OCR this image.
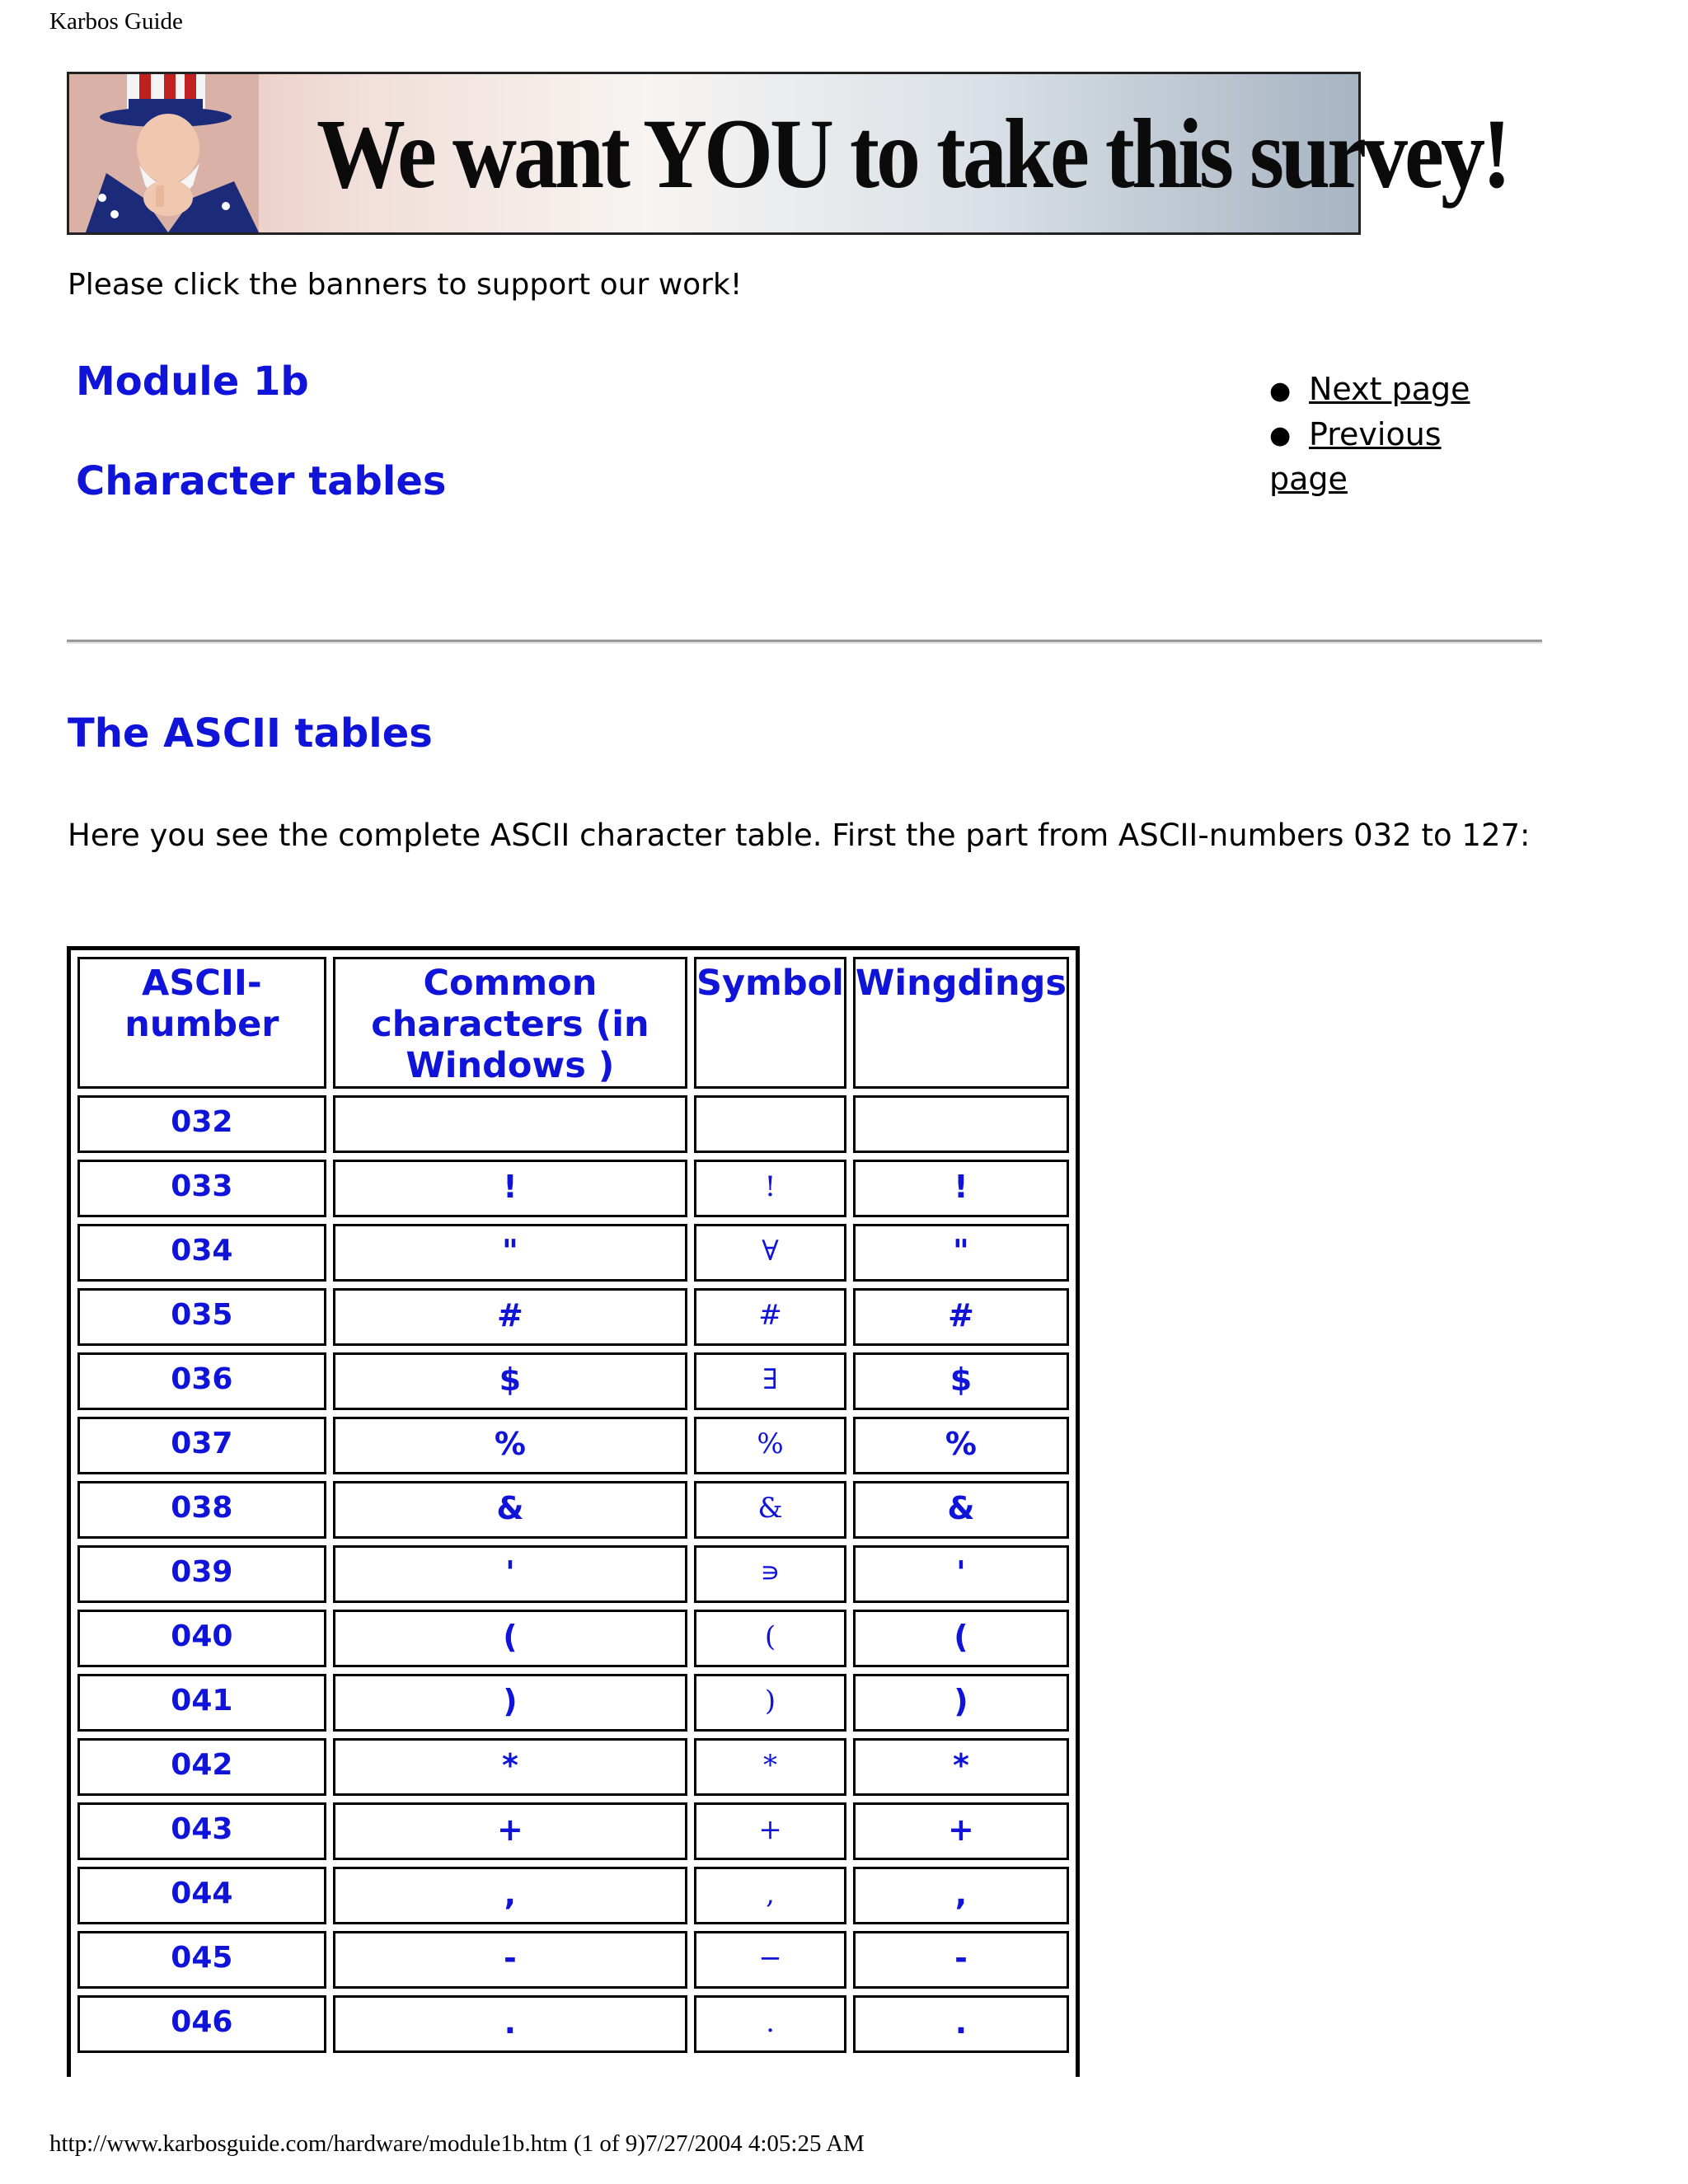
Karbos Guide
We want YOU to take this survey!
Please click the banners to support our work!
Module 1b
Character tables
● Next page
● Previous page
The ASCII tables
Here you see the complete ASCII character table. First the part from ASCII-numbers 032 to 127:
ASCII-number	Common characters (in Windows )	Symbol	Wingdings
032			
033	!	!	!
034	"	∀	"
035	#	#	#
036	$	∃	$
037	%	%	%
038	&	&	&
039	'	∍	'
040	(	(	(
041	)	)	)
042	*	*	*
043	+	+	+
044	,	,	,
045	-	−	-
046	.	.	.
http://www.karbosguide.com/hardware/module1b.htm (1 of 9)7/27/2004 4:05:25 AM
